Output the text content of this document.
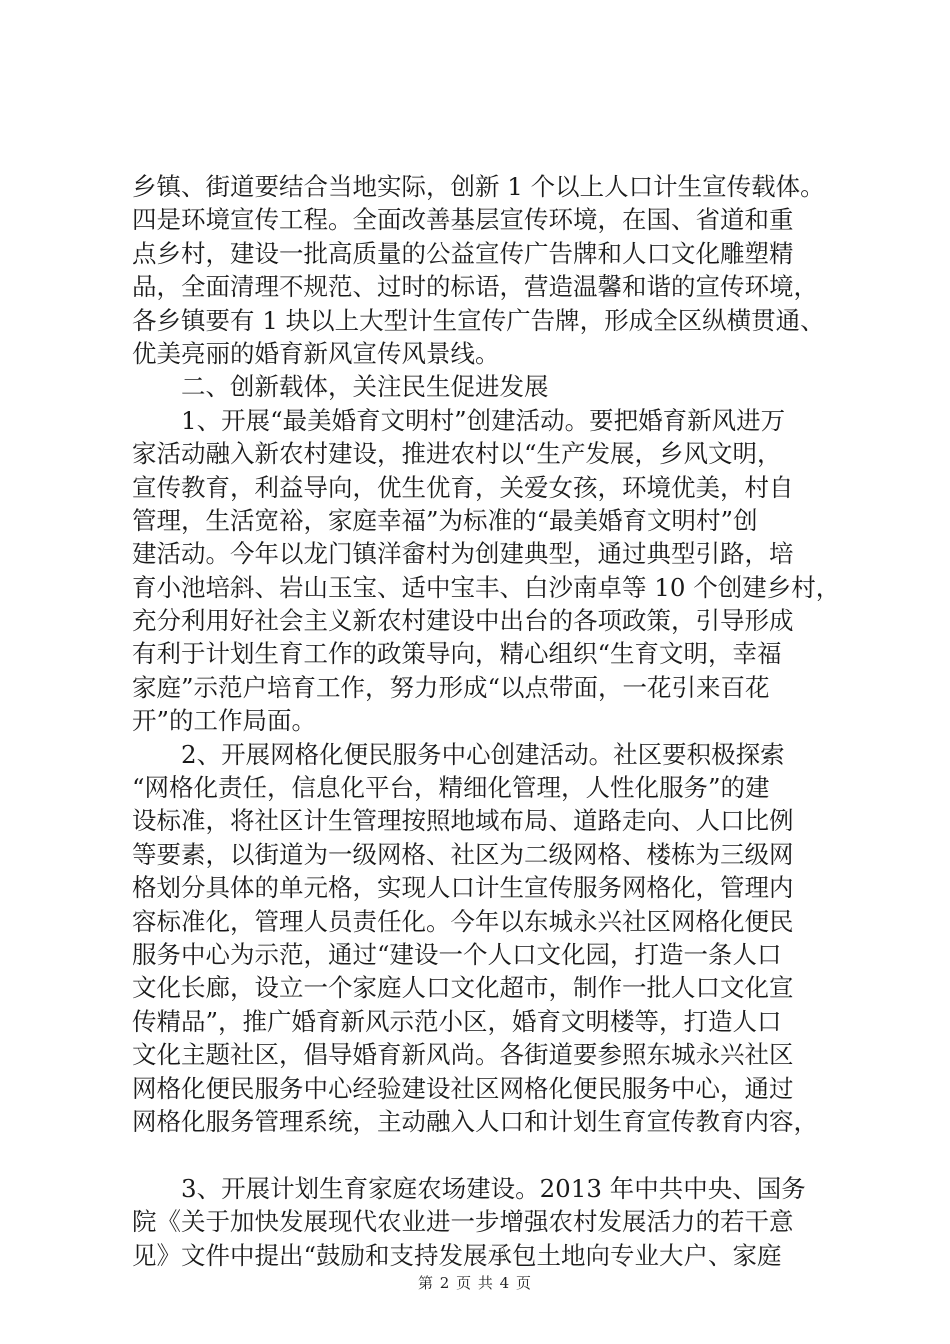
乡镇、街道要结合当地实际，创新 1 个以上人口计生宣传载体。
四是环境宣传工程。全面改善基层宣传环境，在国、省道和重
点乡村，建设一批高质量的公益宣传广告牌和人口文化雕塑精
品，全面清理不规范、过时的标语，营造温馨和谐的宣传环境，
各乡镇要有 1 块以上大型计生宣传广告牌，形成全区纵横贯通、
优美亮丽的婚育新风宣传风景线。
　　二、创新载体，关注民生促进发展
　　1、开展“最美婚育文明村”创建活动。要把婚育新风进万
家活动融入新农村建设，推进农村以“生产发展，乡风文明，
宣传教育，利益导向，优生优育，关爱女孩，环境优美，村自
管理，生活宽裕，家庭幸福”为标准的“最美婚育文明村”创
建活动。今年以龙门镇洋畲村为创建典型，通过典型引路，培
育小池培斜、岩山玉宝、适中宝丰、白沙南卓等 10 个创建乡村，
充分利用好社会主义新农村建设中出台的各项政策，引导形成
有利于计划生育工作的政策导向，精心组织“生育文明，幸福
家庭”示范户培育工作，努力形成“以点带面，一花引来百花
开”的工作局面。
　　2、开展网格化便民服务中心创建活动。社区要积极探索
“网格化责任，信息化平台，精细化管理，人性化服务”的建
设标准，将社区计生管理按照地域布局、道路走向、人口比例
等要素，以街道为一级网格、社区为二级网格、楼栋为三级网
格划分具体的单元格，实现人口计生宣传服务网格化，管理内
容标准化，管理人员责任化。今年以东城永兴社区网格化便民
服务中心为示范，通过“建设一个人口文化园，打造一条人口
文化长廊，设立一个家庭人口文化超市，制作一批人口文化宣
传精品”，推广婚育新风示范小区，婚育文明楼等，打造人口
文化主题社区，倡导婚育新风尚。各街道要参照东城永兴社区
网格化便民服务中心经验建设社区网格化便民服务中心，通过
网格化服务管理系统，主动融入人口和计划生育宣传教育内容，
　　3、开展计划生育家庭农场建设。2013 年中共中央、国务
院《关于加快发展现代农业进一步增强农村发展活力的若干意
见》文件中提出“鼓励和支持发展承包土地向专业大户、家庭
第 2 页 共 4 页
